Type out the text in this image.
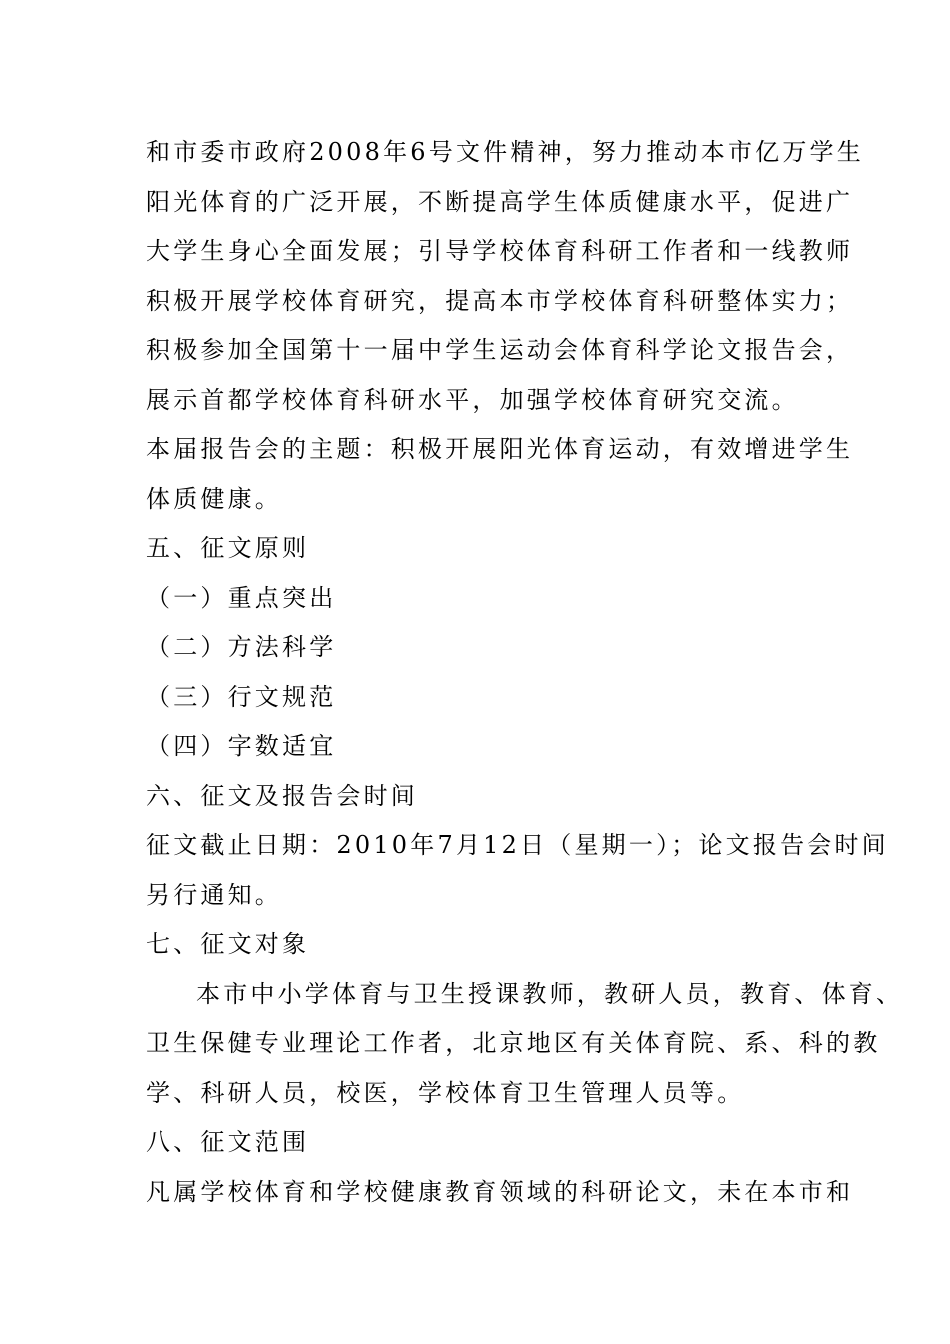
和市委市政府2008年6号文件精神，努力推动本市亿万学生
阳光体育的广泛开展，不断提高学生体质健康水平，促进广
大学生身心全面发展；引导学校体育科研工作者和一线教师
积极开展学校体育研究，提高本市学校体育科研整体实力；
积极参加全国第十一届中学生运动会体育科学论文报告会，
展示首都学校体育科研水平，加强学校体育研究交流。
本届报告会的主题：积极开展阳光体育运动，有效增进学生
体质健康。
五、征文原则
（一）重点突出
（二）方法科学
（三）行文规范
（四）字数适宜
六、征文及报告会时间
征文截止日期：2010年7月12日（星期一）；论文报告会时间
另行通知。
七、征文对象
本市中小学体育与卫生授课教师，教研人员，教育、体育、
卫生保健专业理论工作者，北京地区有关体育院、系、科的教
学、科研人员，校医，学校体育卫生管理人员等。
八、征文范围
凡属学校体育和学校健康教育领域的科研论文，未在本市和
